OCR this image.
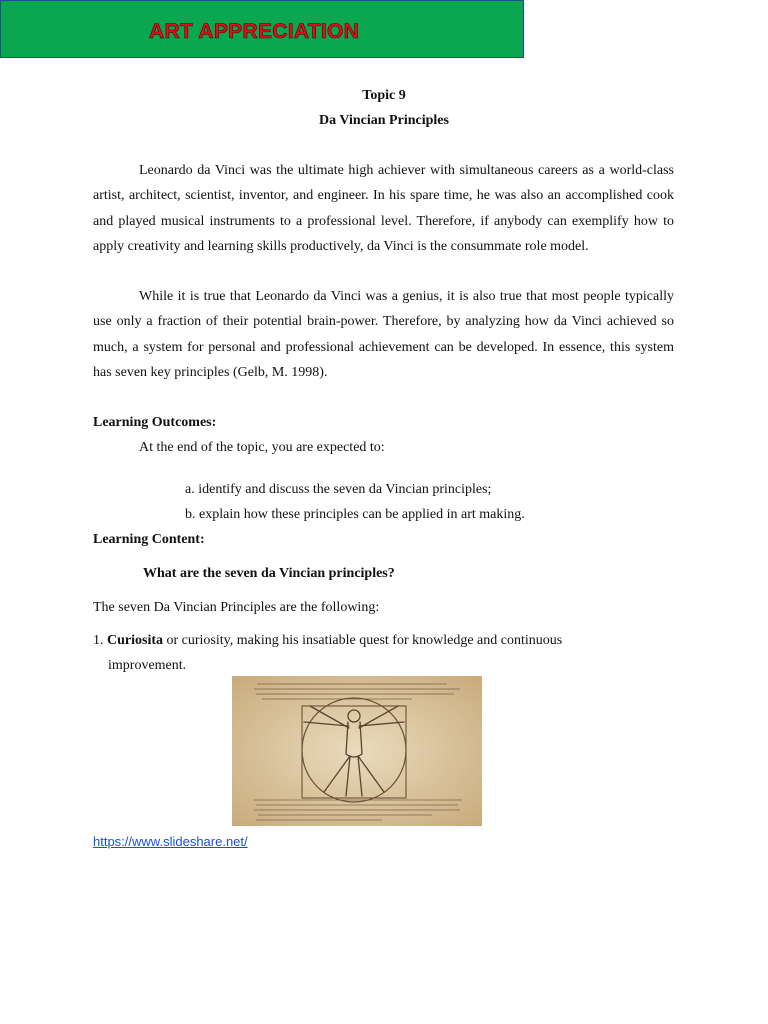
ART APPRECIATION
Topic 9
Da Vincian Principles

Leonardo da Vinci was the ultimate high achiever with simultaneous careers as a world-class artist, architect, scientist, inventor, and engineer. In his spare time, he was also an accomplished cook and played musical instruments to a professional level. Therefore, if anybody can exemplify how to apply creativity and learning skills productively, da Vinci is the consummate role model.

While it is true that Leonardo da Vinci was a genius, it is also true that most people typically use only a fraction of their potential brain-power. Therefore, by analyzing how da Vinci achieved so much, a system for personal and professional achievement can be developed. In essence, this system has seven key principles (Gelb, M. 1998).

Learning Outcomes:
At the end of the topic, you are expected to:
a. identify and discuss the seven da Vincian principles;
b. explain how these principles can be applied in art making.
Learning Content:
What are the seven da Vincian principles?
The seven Da Vincian Principles are the following:
1. Curiosita or curiosity, making his insatiable quest for knowledge and continuous
improvement.
https://www.slideshare.net/
